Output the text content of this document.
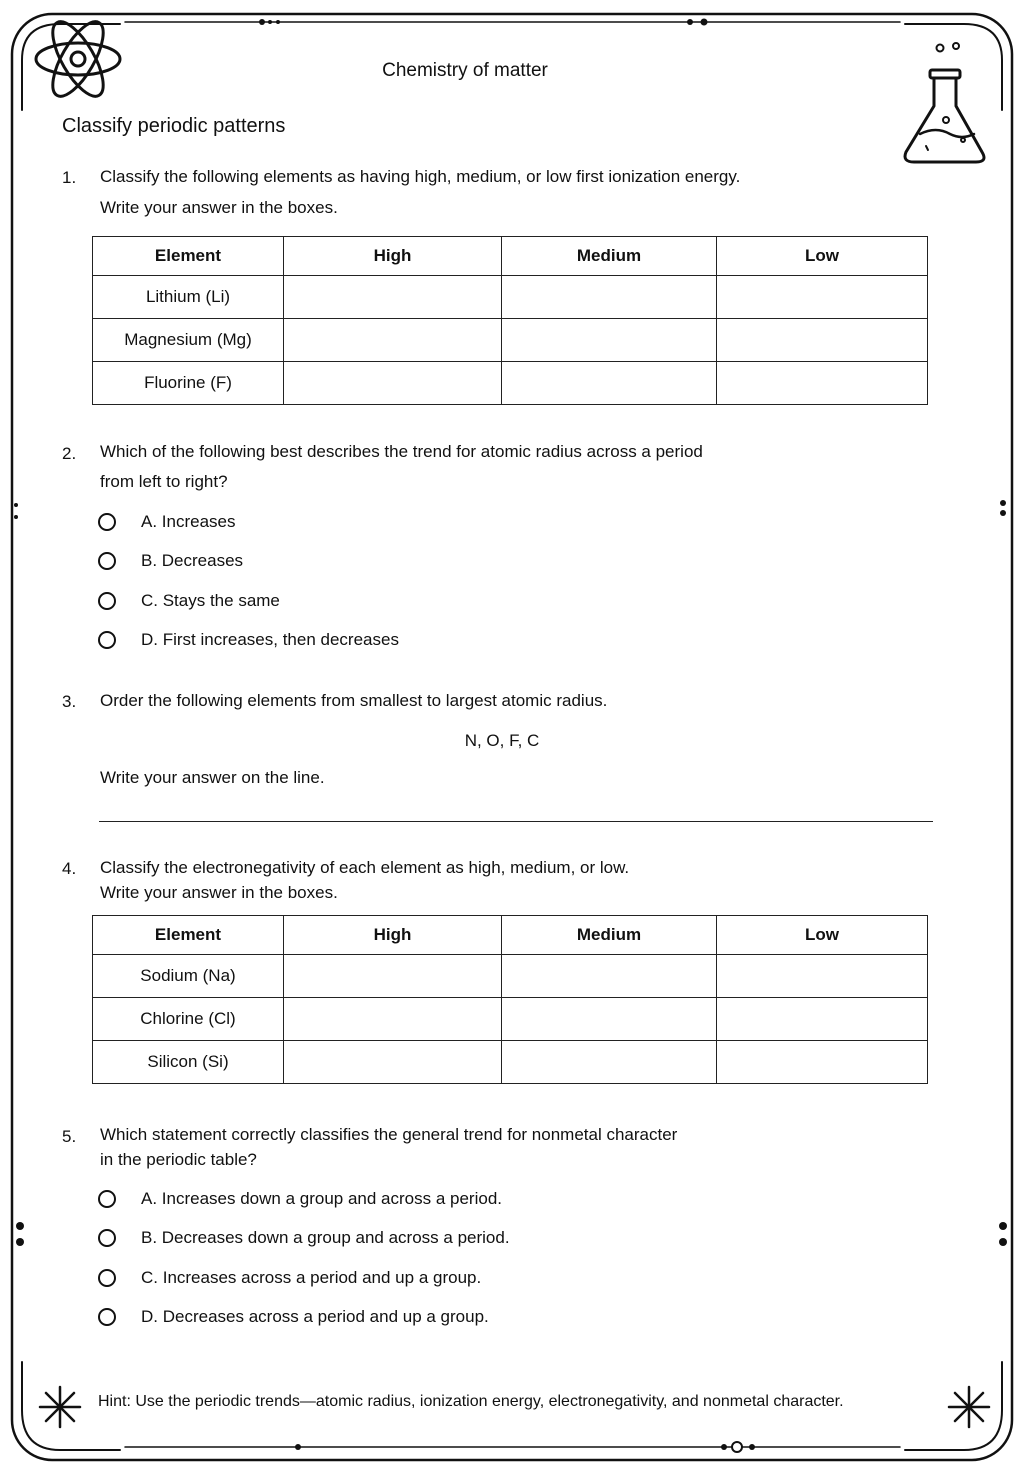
Chemistry of matter
Classify periodic patterns
1. Classify the following elements as having high, medium, or low first ionization energy.
Write your answer in the boxes.
Element	High	Medium	Low
Lithium (Li)			
Magnesium (Mg)			
Fluorine (F)			
2. Which of the following best describes the trend for atomic radius across a period
from left to right?
A. Increases
B. Decreases
C. Stays the same
D. First increases, then decreases
3. Order the following elements from smallest to largest atomic radius.
N, O, F, C
Write your answer on the line.
4. Classify the electronegativity of each element as high, medium, or low.
Write your answer in the boxes.
Element	High	Medium	Low
Sodium (Na)			
Chlorine (Cl)			
Silicon (Si)			
5. Which statement correctly classifies the general trend for nonmetal character
in the periodic table?
A. Increases down a group and across a period.
B. Decreases down a group and across a period.
C. Increases across a period and up a group.
D. Decreases across a period and up a group.
Hint: Use the periodic trends—atomic radius, ionization energy, electronegativity, and nonmetal character.
